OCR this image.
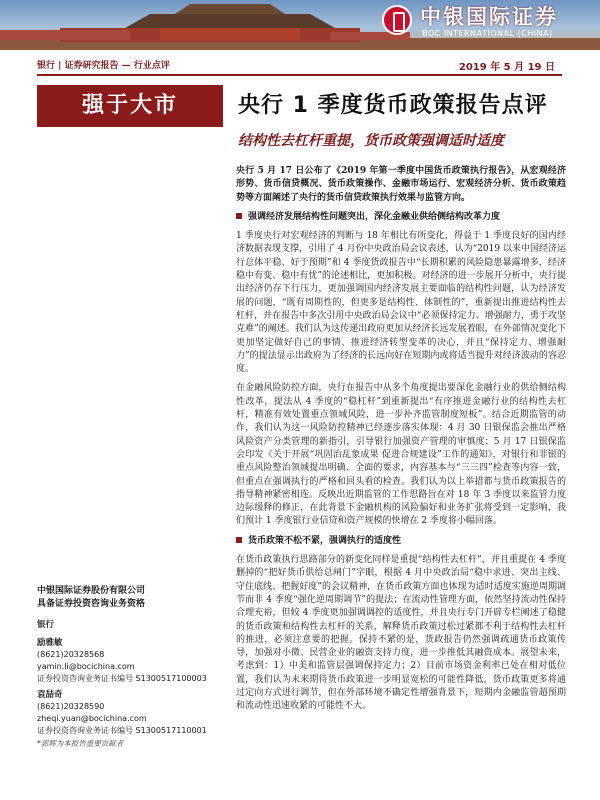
中银国际证券
BOC INTERNATIONAL (CHINA)
银行 | 证券研究报告 — 行业点评	2019 年 5 月 19 日
强于大市	央行 1 季度货币政策报告点评
结构性去杠杆重提，货币政策强调适时适度

央行 5 月 17 日公布了《2019 年第一季度中国货币政策执行报告》，从宏观经济形势、货币信贷概况、货币政策操作、金融市场运行、宏观经济分析、货币政策趋势等方面阐述了央行的货币信贷政策执行效果与监管方向。

强调经济发展结构性问题突出，深化金融业供给侧结构改革力度

1 季度央行对宏观经济的判断与 18 年相比有所变化，得益于 1 季度良好的国内经济数据表现支撑，引用了 4 月份中央政治局会议表述，认为“2019 以来中国经济运行总体平稳、好于预期”和 4 季度货政报告中“长期积累的风险隐患暴露增多，经济稳中有变、稳中有忧”的论述相比，更加积极。对经济的进一步展开分析中，央行提出经济仍存下行压力，更加强调国内经济发展主要面临的结构性问题，认为经济发展的问题，“既有周期性的，但更多是结构性、体制性的”，重新提出推进结构性去杠杆，并在报告中多次引用中央政治局会议中“必须保持定力、增强耐力，勇于攻坚克难”的阐述。我们认为这传递出政府更加从经济长远发展着眼，在外部情况变化下更加坚定做好自己的事情、推进经济转型变革的决心，并且“保持定力、增强耐力”的提法显示出政府为了经济的长远向好在短期内或将适当提升对经济波动的容忍度。

在金融风险防控方面，央行在报告中从多个角度提出要深化金融行业的供给侧结构性改革，提法从 4 季度的“稳杠杆”到重新提出“有序推进金融行业的结构性去杠杆，精准有效处置重点领域风险，进一步补齐监管制度短板”。结合近期监管的动作，我们认为这一风险防控精神已经逐步落实体现：4 月 30 日银保监会推出严格风险资产分类管理的新指引，引导银行加强资产管理的审慎度；5 月 17 日银保监会印发《关于开展“巩固治乱象成果 促进合规建设”工作的通知》，对银行和非银的重点风险整治领域提出明确、全面的要求，内容基本与“三三四”检查等内容一致，但重点在强调执行的严格和回头看的检查。我们认为以上举措都与货币政策报告的指导精神紧密相连。反映出近期监管的工作思路旨在对 18 年 3 季度以来监管力度边际缓释的修正，在此背景下金融机构的风险偏好和业务扩张将受到一定影响，我们预计 1 季度银行业信贷和资产规模的快增在 2 季度将小幅回落。

货币政策不松不紧，强调执行的适度性

在货币政策执行思路部分的新变化同样是重提“结构性去杠杆”，并且重提在 4 季度删掉的“把好货币供给总闸门”字眼，根据 4 月中央政治局“稳中求进、突出主线、守住底线、把握好度”的会议精神，在货币政策方面也体现为适时适度实施逆周期调节而非 4 季度“强化逆周期调节”的提法；在流动性管理方面，依然坚持流动性保持合理充裕，但较 4 季度更加强调调控的适度性，并且央行专门开辟专栏阐述了稳健的货币政策和结构性去杠杆的关系，解释货币政策过松过紧都不利于结构性去杠杆的推进，必须注意要的把握。保持不紧的是，货政报告仍然强调疏通货币政策传导，加强对小微、民营企业的融资支持力度，进一步推低其融资成本。展望未来，考虑到：1）中美和监管层强调保持定力；2）目前市场资金利率已处在相对低位置，我们认为未来期待货币政策进一步明显宽松的可能性降低，货币政策更多将通过定向方式进行调节，但在外部环境不确定性增强背景下，短期内金融监管超预期和流动性迅速收紧的可能性不大。

中银国际证券股份有限公司
具备证券投资咨询业务资格
银行
励雅敏
(8621)20328568
yamin.li@bocichina.com
证券投资咨询业务证书编号 S1300517100003
袁喆奇
(8621)20328590
zheqi.yuan@bocichina.com
证券投资咨询业务证书编号 S1300517110001
*郭辉为本报告重要贡献者
